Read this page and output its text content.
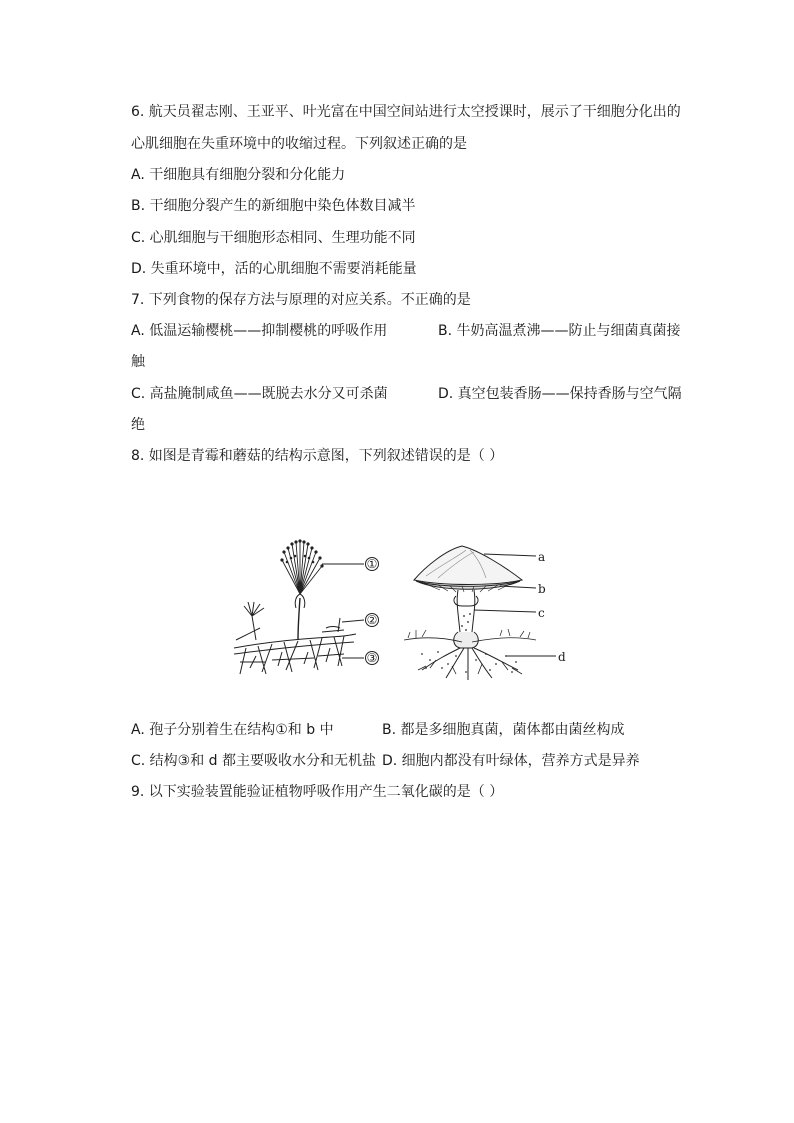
6. 航天员翟志刚、王亚平、叶光富在中国空间站进行太空授课时，展示了干细胞分化出的
心肌细胞在失重环境中的收缩过程。下列叙述正确的是
A. 干细胞具有细胞分裂和分化能力
B. 干细胞分裂产生的新细胞中染色体数目减半
C. 心肌细胞与干细胞形态相同、生理功能不同
D. 失重环境中，活的心肌细胞不需要消耗能量
7. 下列食物的保存方法与原理的对应关系。不正确的是
A. 低温运输樱桃——抑制樱桃的呼吸作用	B. 牛奶高温煮沸——防止与细菌真菌接
触
C. 高盐腌制咸鱼——既脱去水分又可杀菌	D. 真空包装香肠——保持香肠与空气隔
绝
8. 如图是青霉和蘑菇的结构示意图，下列叙述错误的是（ ）
①
②
③
a
b
c
d
A. 孢子分别着生在结构①和 b 中	B. 都是多细胞真菌，菌体都由菌丝构成
C. 结构③和 d 都主要吸收水分和无机盐 D. 细胞内都没有叶绿体，营养方式是异养
9. 以下实验装置能验证植物呼吸作用产生二氧化碳的是（ ）
